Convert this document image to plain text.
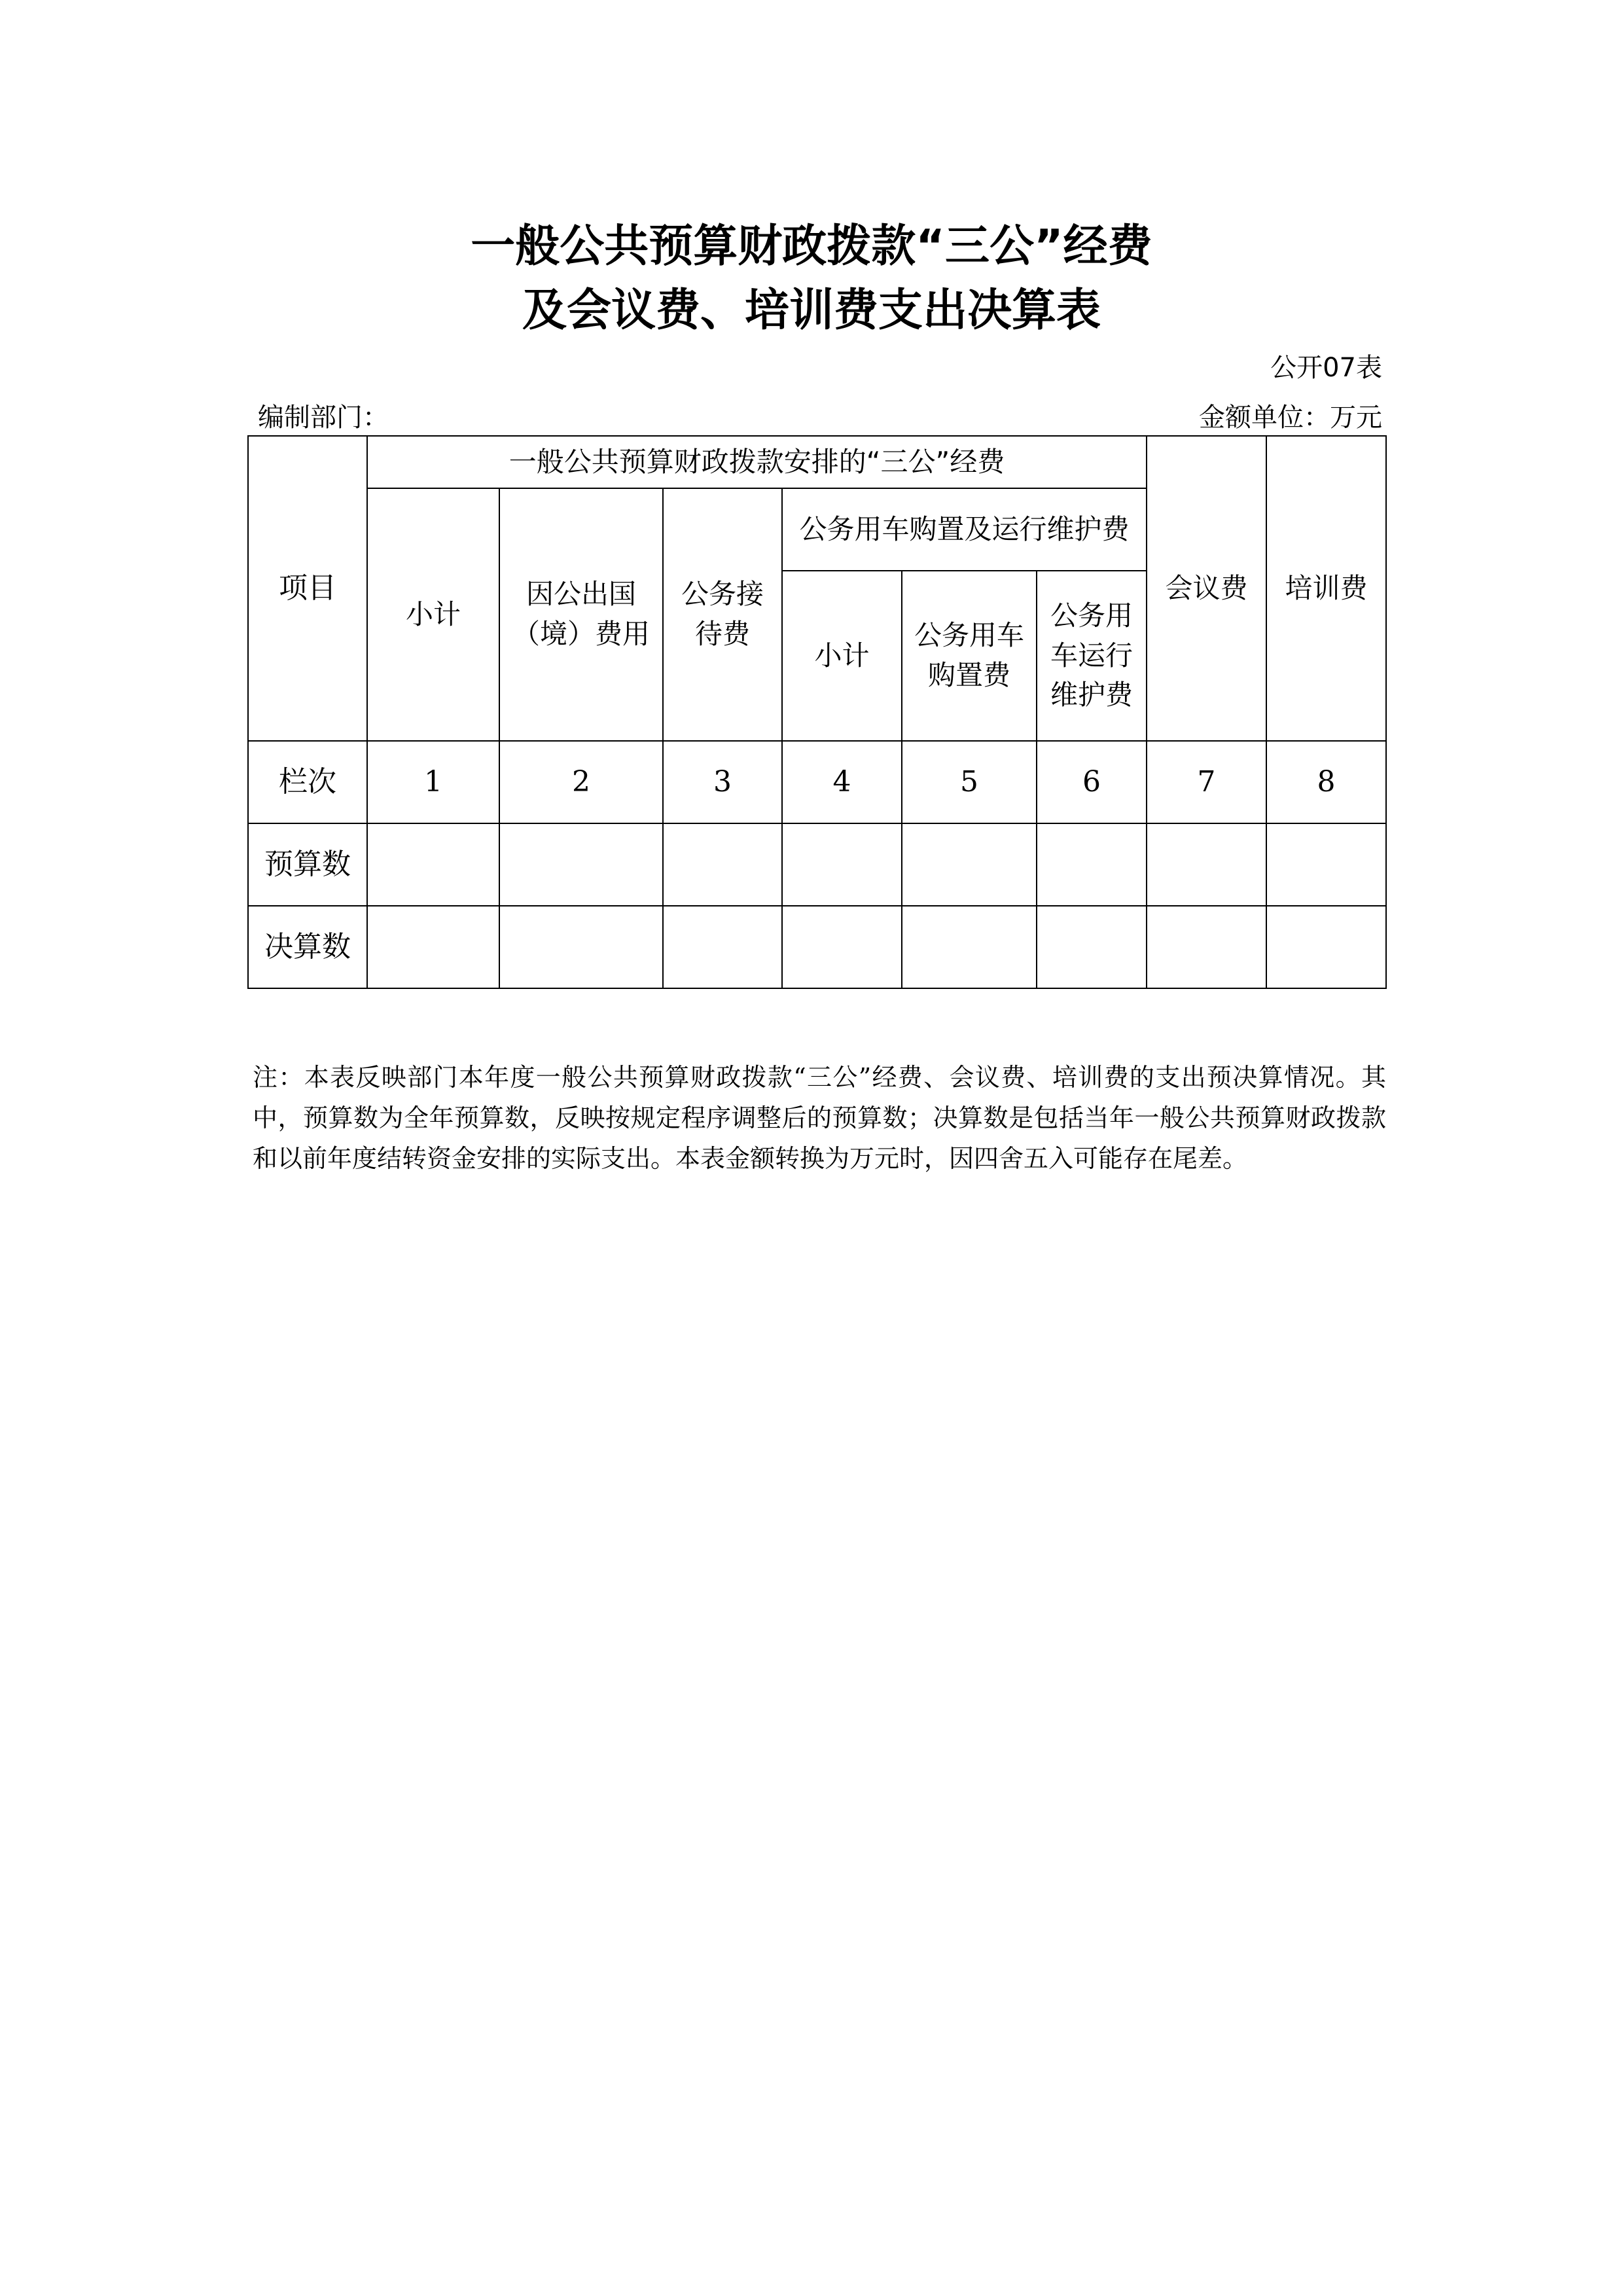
一般公共预算财政拨款“三公”经费
及会议费、培训费支出决算表
公开07表
编制部门：	金额单位：万元
项目	一般公共预算财政拨款安排的“三公”经费						会议费	培训费
	小计	因公出国（境）费用	公务接待费	公务用车购置及运行维护费				
				小计	公务用车购置费	公务用车运行维护费		

栏次	1	2	3	4	5	6	7	8
预算数								
决算数								
注：本表反映部门本年度一般公共预算财政拨款“三公”经费、会议费、培训费的支出预决算情况。其中，预算数为全年预算数，反映按规定程序调整后的预算数；决算数是包括当年一般公共预算财政拨款和以前年度结转资金安排的实际支出。本表金额转换为万元时，因四舍五入可能存在尾差。
